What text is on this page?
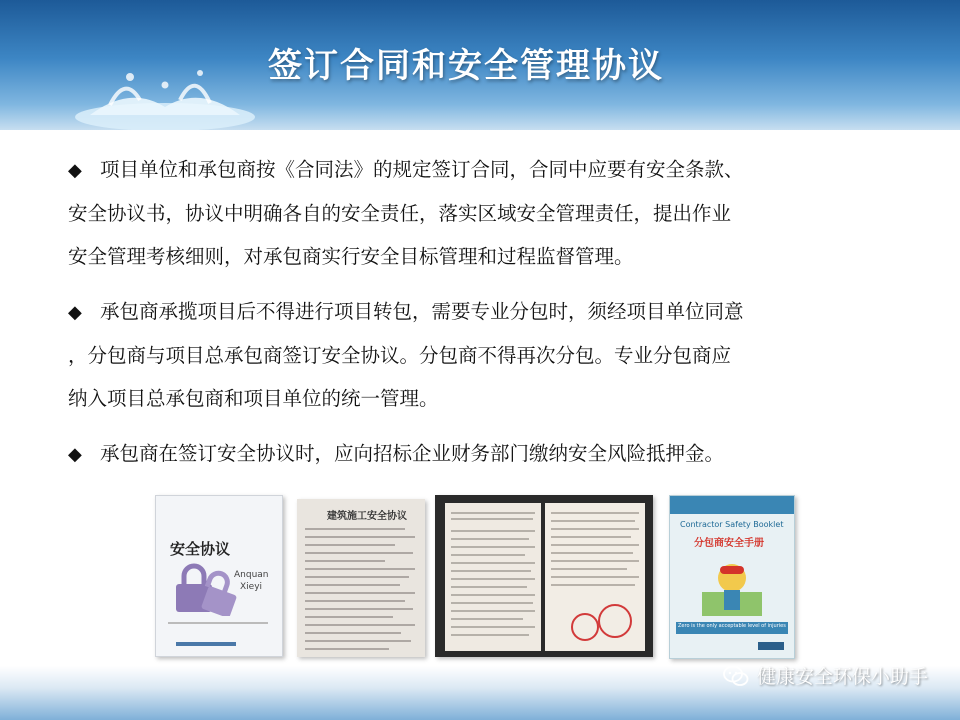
签订合同和安全管理协议
◆ 项目单位和承包商按《合同法》的规定签订合同，合同中应要有安全条款、
安全协议书，协议中明确各自的安全责任，落实区域安全管理责任，提出作业
安全管理考核细则，对承包商实行安全目标管理和过程监督管理。
◆ 承包商承揽项目后不得进行项目转包，需要专业分包时，须经项目单位同意
，分包商与项目总承包商签订安全协议。分包商不得再次分包。专业分包商应
纳入项目总承包商和项目单位的统一管理。
◆ 承包商在签订安全协议时，应向招标企业财务部门缴纳安全风险抵押金。
安全协议
Anquan
Xieyi
建筑施工安全协议
Contractor Safety Booklet
分包商安全手册
Zero is the only acceptable level of injuries
健康安全环保小助手
